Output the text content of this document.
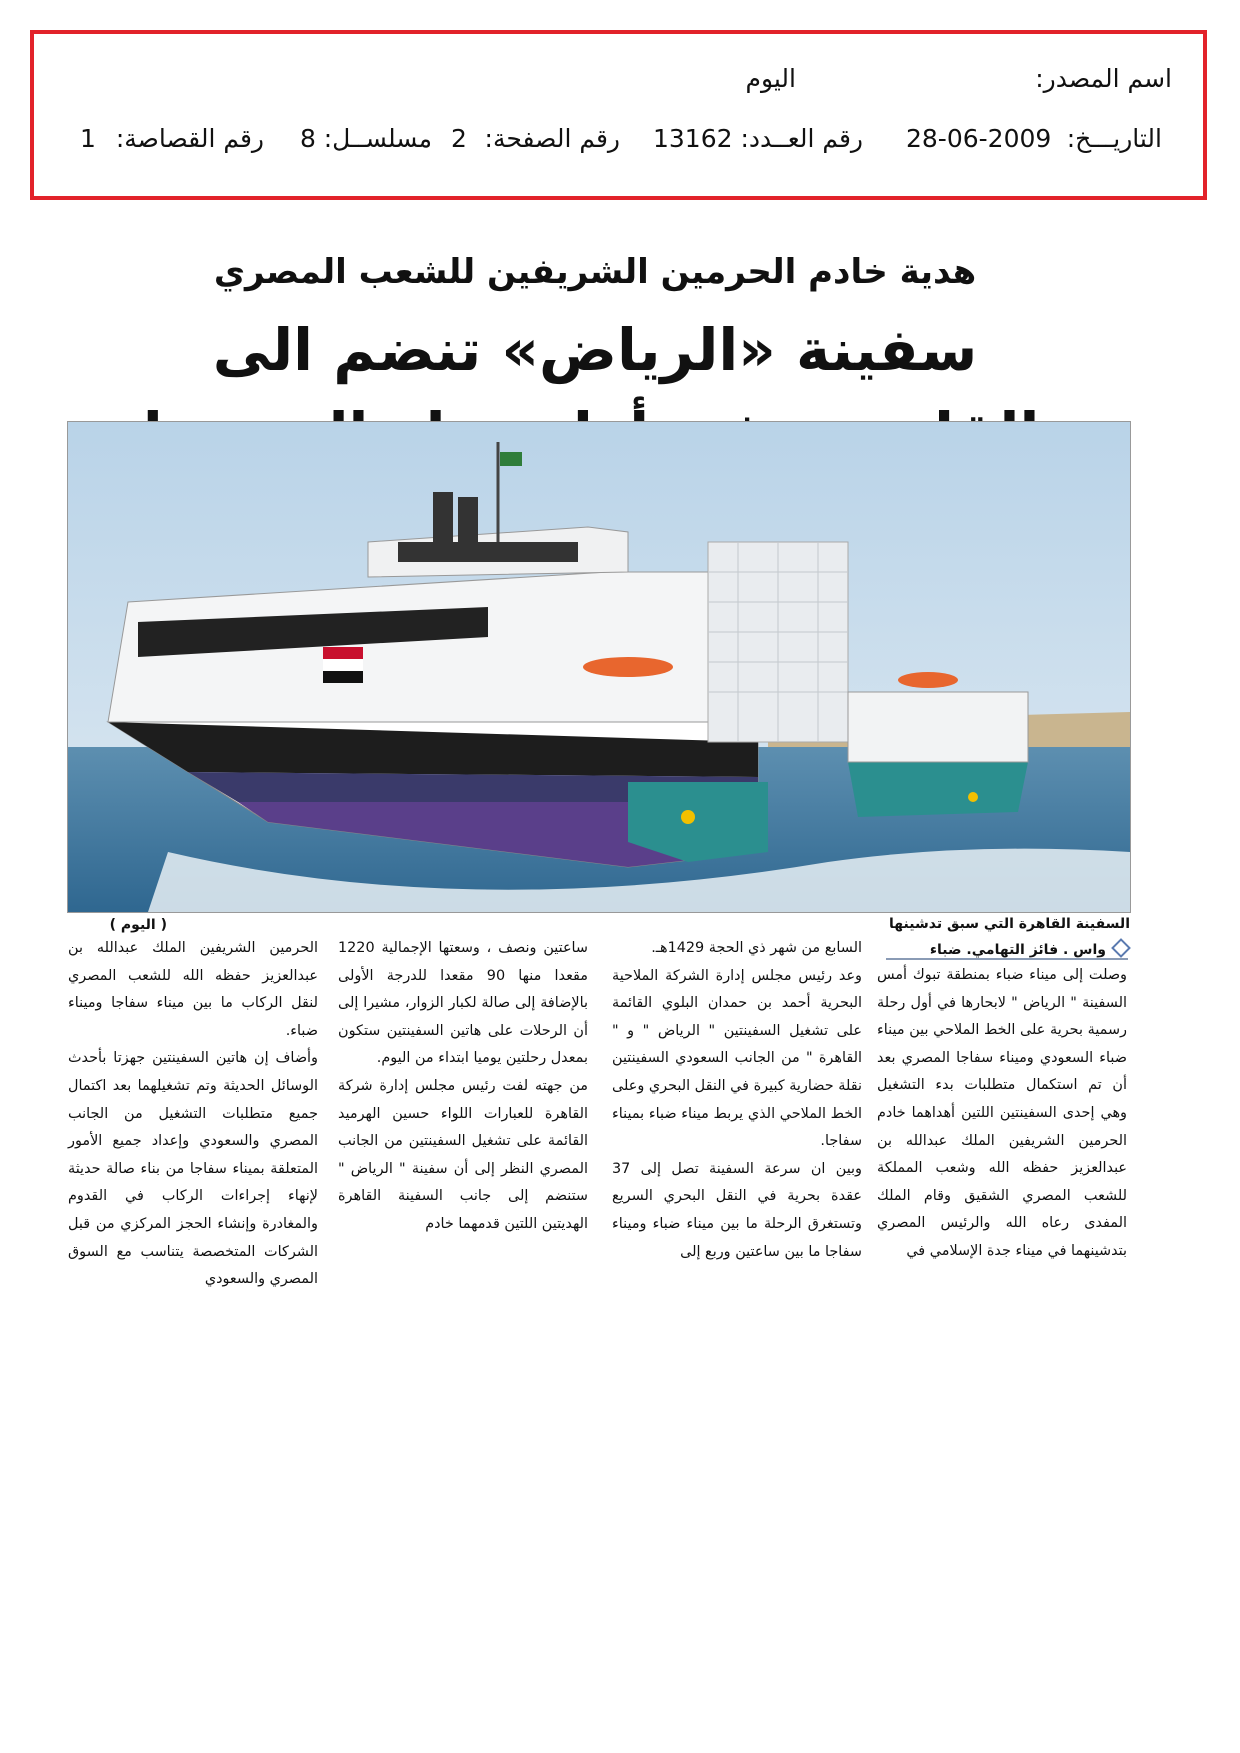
اسم المصدر:
اليوم
التاريـــخ:
28-06-2009
رقم العــدد:
13162
رقم الصفحة:
2
مسلســل:
8
رقم القصاصة:
1
هدية خادم الحرمين الشريفين للشعب المصري
سفينة «الرياض» تنضم الى
السفينة القاهرة التي سبق تدشينها
( اليوم )
واس . فائز التهامي. ضباء

وصلت إلى ميناء ضباء بمنطقة تبوك أمس السفينة " الرياض " لابحارها في أول رحلة رسمية بحرية على الخط الملاحي بين ميناء ضباء السعودي وميناء سفاجا المصري بعد أن تم استكمال متطلبات بدء التشغيل وهي إحدى السفينتين اللتين أهداهما خادم الحرمين الشريفين الملك عبدالله بن عبدالعزيز حفظه الله وشعب المملكة للشعب المصري الشقيق وقام الملك المفدى رعاه الله والرئيس المصري بتدشينهما في ميناء جدة الإسلامي في

السابع من شهر ذي الحجة 1429هـ.

وعد رئيس مجلس إدارة الشركة الملاحية البحرية أحمد بن حمدان البلوي القائمة على تشغيل السفينتين " الرياض " و " القاهرة " من الجانب السعودي السفينتين نقلة حضارية كبيرة في النقل البحري وعلى الخط الملاحي الذي يربط ميناء ضباء بميناء سفاجا.

وبين ان سرعة السفينة تصل إلى 37 عقدة بحرية في النقل البحري السريع وتستغرق الرحلة ما بين ميناء ضباء وميناء سفاجا ما بين ساعتين وربع إلى

ساعتين ونصف ، وسعتها الإجمالية 1220 مقعدا منها 90 مقعدا للدرجة الأولى بالإضافة إلى صالة لكبار الزوار، مشيرا إلى أن الرحلات على هاتين السفينتين ستكون بمعدل رحلتين يوميا ابتداء من اليوم.

من جهته لفت رئيس مجلس إدارة شركة القاهرة للعبارات اللواء حسين الهرميد القائمة على تشغيل السفينتين من الجانب المصري النظر إلى أن سفينة " الرياض " ستنضم إلى جانب السفينة القاهرة الهديتين اللتين قدمهما خادم

الحرمين الشريفين الملك عبدالله بن عبدالعزيز حفظه الله للشعب المصري لنقل الركاب ما بين ميناء سفاجا وميناء ضباء.

وأضاف إن هاتين السفينتين جهزتا بأحدث الوسائل الحديثة وتم تشغيلهما بعد اكتمال جميع متطلبات التشغيل من الجانب المصري والسعودي وإعداد جميع الأمور المتعلقة بميناء سفاجا من بناء صالة حديثة لإنهاء إجراءات الركاب في القدوم والمغادرة وإنشاء الحجز المركزي من قبل الشركات المتخصصة يتناسب مع السوق المصري والسعودي
